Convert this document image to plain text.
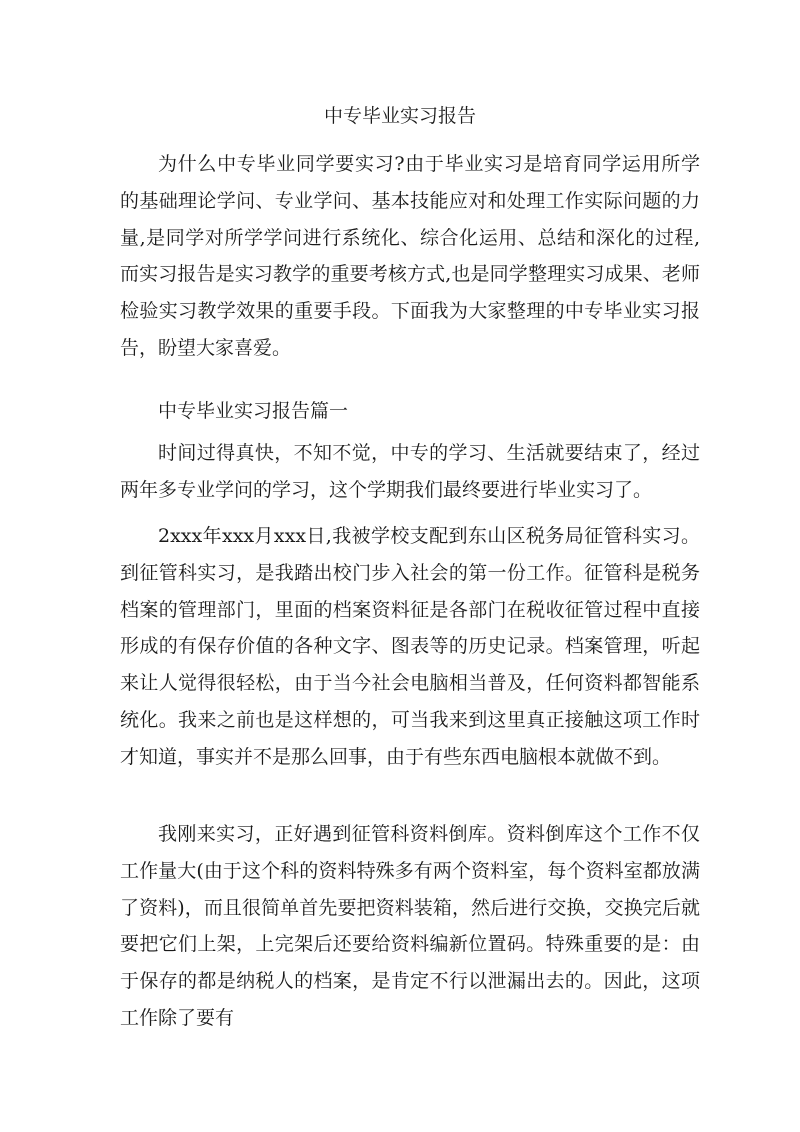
中专毕业实习报告

为什么中专毕业同学要实习?由于毕业实习是培育同学运用所学的基础理论学问、专业学问、基本技能应对和处理工作实际问题的力量,是同学对所学学问进行系统化、综合化运用、总结和深化的过程,而实习报告是实习教学的重要考核方式,也是同学整理实习成果、老师检验实习教学效果的重要手段。下面我为大家整理的中专毕业实习报告，盼望大家喜爱。

中专毕业实习报告篇一

时间过得真快，不知不觉，中专的学习、生活就要结束了，经过两年多专业学问的学习，这个学期我们最终要进行毕业实习了。

2xxx年xxx月xxx日,我被学校支配到东山区税务局征管科实习。到征管科实习，是我踏出校门步入社会的第一份工作。征管科是税务档案的管理部门，里面的档案资料征是各部门在税收征管过程中直接形成的有保存价值的各种文字、图表等的历史记录。档案管理，听起来让人觉得很轻松，由于当今社会电脑相当普及，任何资料都智能系统化。我来之前也是这样想的，可当我来到这里真正接触这项工作时才知道，事实并不是那么回事，由于有些东西电脑根本就做不到。

我刚来实习，正好遇到征管科资料倒库。资料倒库这个工作不仅工作量大(由于这个科的资料特殊多有两个资料室，每个资料室都放满了资料)，而且很简单首先要把资料装箱，然后进行交换，交换完后就要把它们上架，上完架后还要给资料编新位置码。特殊重要的是：由于保存的都是纳税人的档案，是肯定不行以泄漏出去的。因此，这项工作除了要有
